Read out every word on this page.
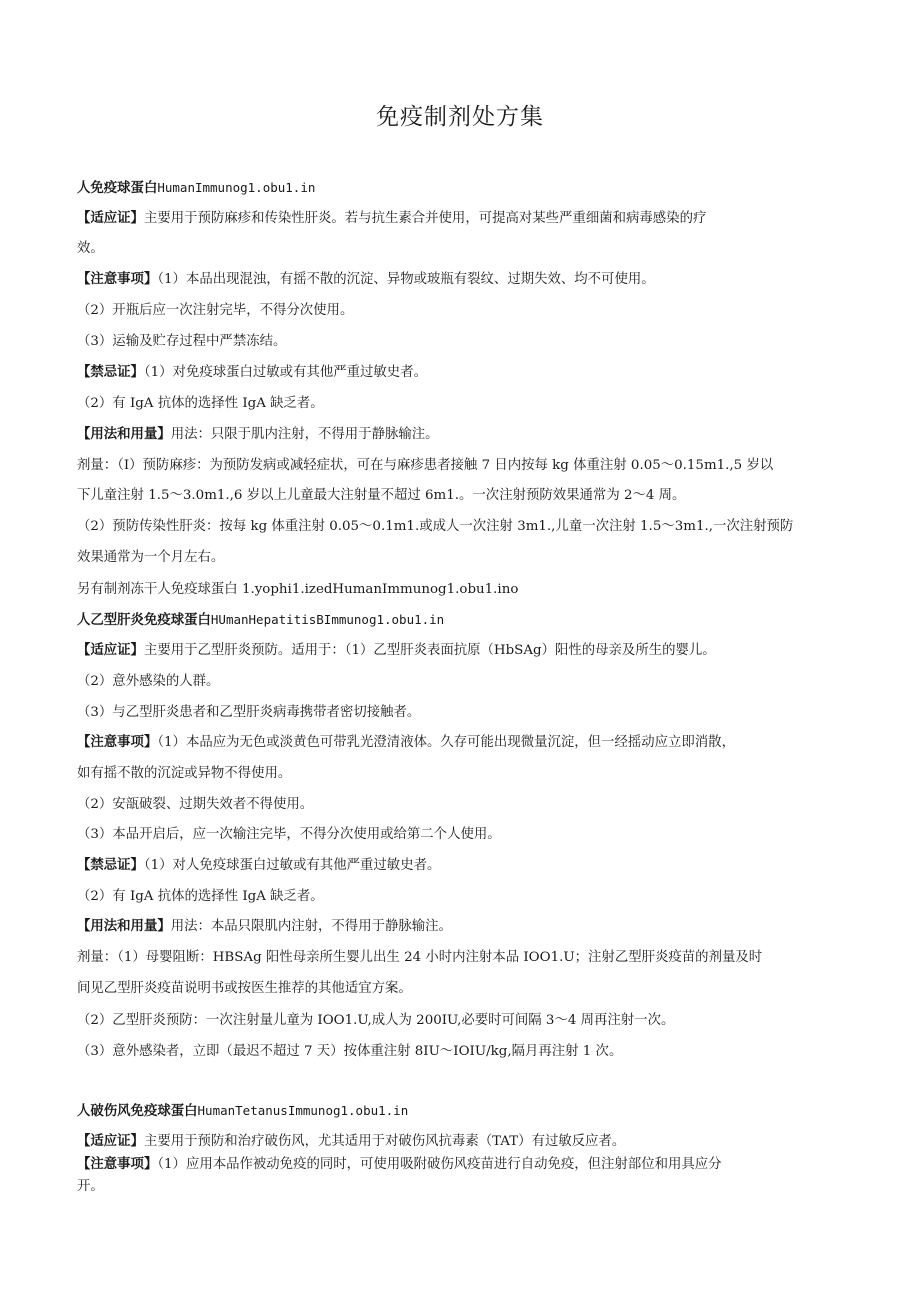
免疫制剂处方集
人免疫球蛋白HumanImmunog1.obu1.in
【适应证】主要用于预防麻疹和传染性肝炎。若与抗生素合并使用，可提高对某些严重细菌和病毒感染的疗
效。
【注意事项】（1）本品出现混浊，有摇不散的沉淀、异物或玻瓶有裂纹、过期失效、均不可使用。
（2）开瓶后应一次注射完毕，不得分次使用。
（3）运输及贮存过程中严禁冻结。
【禁忌证】（1）对免疫球蛋白过敏或有其他严重过敏史者。
（2）有 IgA 抗体的选择性 IgA 缺乏者。
【用法和用量】用法：只限于肌内注射，不得用于静脉输注。
剂量：（I）预防麻疹：为预防发病或减轻症状，可在与麻疹患者接触 7 日内按每 kg 体重注射 0.05～0.15m1.,5 岁以
下儿童注射 1.5～3.0m1.,6 岁以上儿童最大注射量不超过 6m1.。一次注射预防效果通常为 2～4 周。
（2）预防传染性肝炎：按每 kg 体重注射 0.05～0.1m1.或成人一次注射 3m1.,儿童一次注射 1.5～3m1.,一次注射预防
效果通常为一个月左右。
另有制剂冻干人免疫球蛋白 1.yophi1.izedHumanImmunog1.obu1.ino
人乙型肝炎免疫球蛋白HUmanHepatitisBImmunog1.obu1.in
【适应证】主要用于乙型肝炎预防。适用于：（1）乙型肝炎表面抗原（HbSAg）阳性的母亲及所生的婴儿。
（2）意外感染的人群。
（3）与乙型肝炎患者和乙型肝炎病毒携带者密切接触者。
【注意事项】（1）本品应为无色或淡黄色可带乳光澄清液体。久存可能出现微量沉淀，但一经摇动应立即消散，
如有摇不散的沉淀或异物不得使用。
（2）安瓿破裂、过期失效者不得使用。
（3）本品开启后，应一次输注完毕，不得分次使用或给第二个人使用。
【禁忌证】（1）对人免疫球蛋白过敏或有其他严重过敏史者。
（2）有 IgA 抗体的选择性 IgA 缺乏者。
【用法和用量】用法：本品只限肌内注射，不得用于静脉输注。
剂量：（1）母婴阻断：HBSAg 阳性母亲所生婴儿出生 24 小时内注射本品 IOO1.U；注射乙型肝炎疫苗的剂量及时
间见乙型肝炎疫苗说明书或按医生推荐的其他适宜方案。
（2）乙型肝炎预防：一次注射量儿童为 IOO1.U,成人为 200IU,必要时可间隔 3～4 周再注射一次。
（3）意外感染者，立即（最迟不超过 7 天）按体重注射 8IU～IOIU/kg,隔月再注射 1 次。
人破伤风免疫球蛋白HumanTetanusImmunog1.obu1.in
【适应证】主要用于预防和治疗破伤风，尤其适用于对破伤风抗毒素（TAT）有过敏反应者。
【注意事项】（1）应用本品作被动免疫的同时，可使用吸附破伤风疫苗进行自动免疫，但注射部位和用具应分
开。
